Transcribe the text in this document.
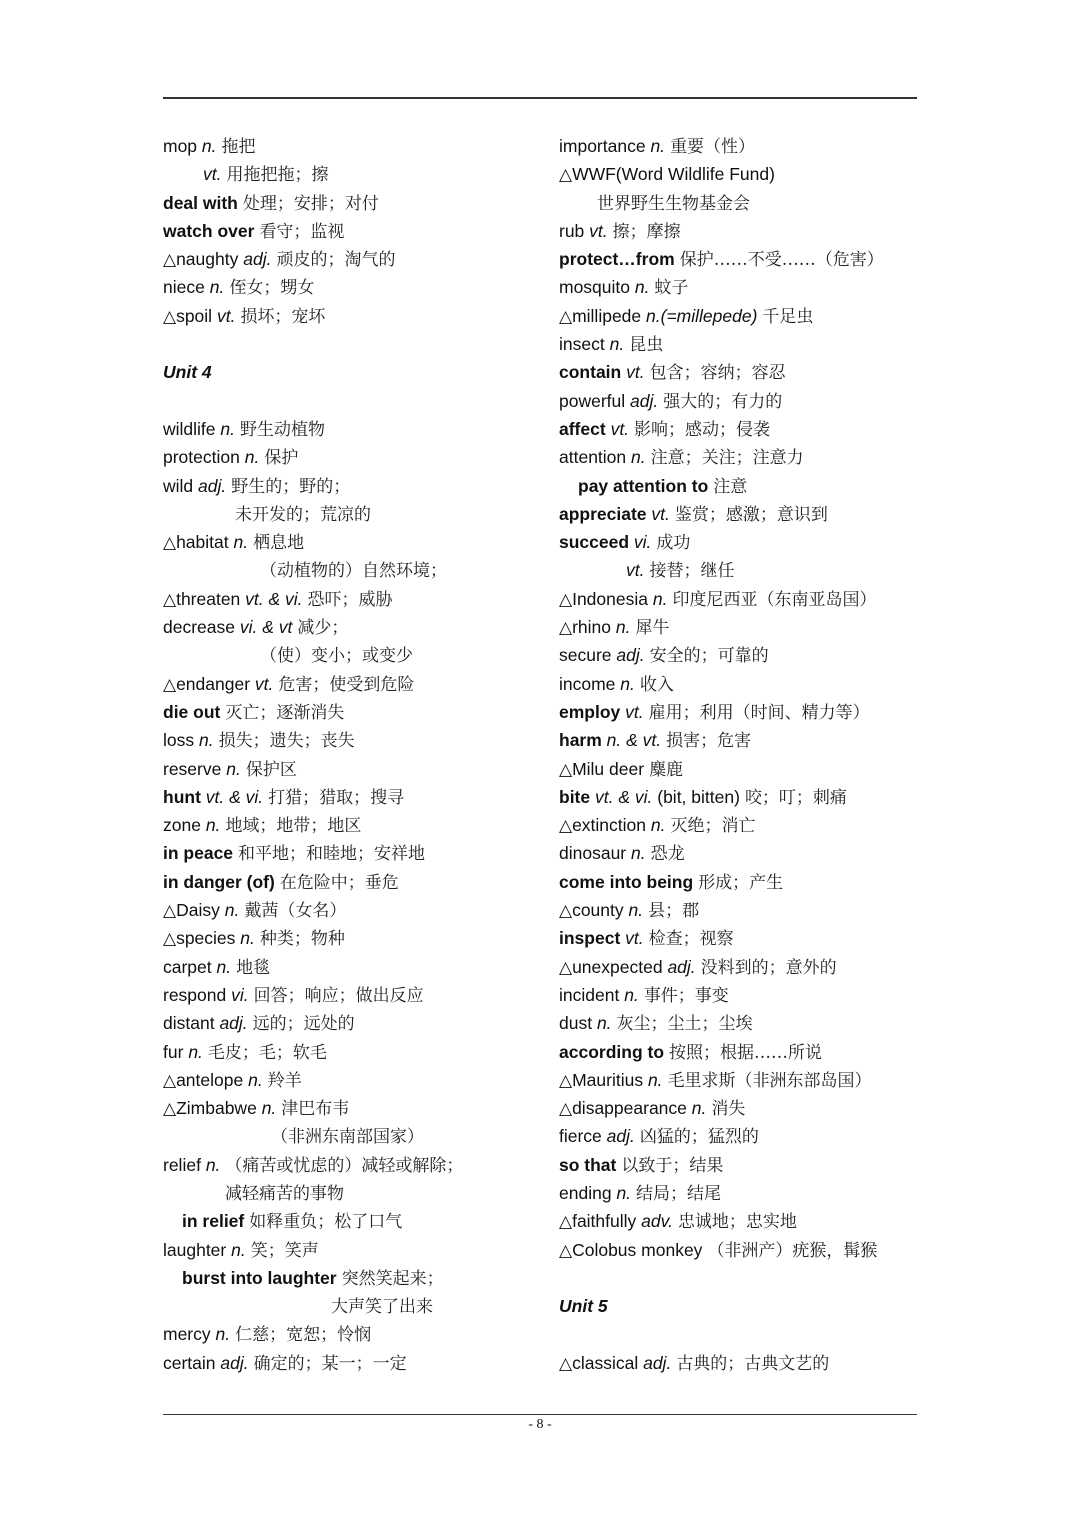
mop n. 拖把
vt. 用拖把拖；擦
deal with 处理；安排；对付
watch over 看守；监视
△naughty adj. 顽皮的；淘气的
niece n. 侄女；甥女
△spoil vt. 损坏；宠坏
Unit 4
wildlife n. 野生动植物
protection n. 保护
wild adj. 野生的；野的；
未开发的；荒凉的
△habitat n. 栖息地
（动植物的）自然环境；
△threaten vt. & vi. 恐吓；威胁
decrease vi. & vt 减少；
（使）变小；或变少
△endanger vt. 危害；使受到危险
die out 灭亡；逐渐消失
loss n. 损失；遗失；丧失
reserve n. 保护区
hunt vt. & vi. 打猎；猎取；搜寻
zone n. 地域；地带；地区
in peace 和平地；和睦地；安祥地
in danger (of) 在危险中；垂危
△Daisy n. 戴茜（女名）
△species n. 种类；物种
carpet n. 地毯
respond vi. 回答；响应；做出反应
distant adj. 远的；远处的
fur n. 毛皮；毛；软毛
△antelope n. 羚羊
△Zimbabwe n. 津巴布韦
（非洲东南部国家）
relief n. （痛苦或忧虑的）减轻或解除；
减轻痛苦的事物
in relief 如释重负；松了口气
laughter n. 笑；笑声
burst into laughter 突然笑起来；
大声笑了出来
mercy n. 仁慈；宽恕；怜悯
certain adj. 确定的；某一；一定
importance n. 重要（性）
△WWF(Word Wildlife Fund)
世界野生生物基金会
rub vt. 擦；摩擦
protect…from 保护……不受……（危害）
mosquito n. 蚊子
△millipede n.(=millepede) 千足虫
insect n. 昆虫
contain vt. 包含；容纳；容忍
powerful adj. 强大的；有力的
affect vt. 影响；感动；侵袭
attention n. 注意；关注；注意力
pay attention to 注意
appreciate vt. 鉴赏；感激；意识到
succeed vi. 成功
vt. 接替；继任
△Indonesia n. 印度尼西亚（东南亚岛国）
△rhino n. 犀牛
secure adj. 安全的；可靠的
income n. 收入
employ vt. 雇用；利用（时间、精力等）
harm n. & vt. 损害；危害
△Milu deer 麋鹿
bite vt. & vi. (bit, bitten) 咬；叮；刺痛
△extinction n. 灭绝；消亡
dinosaur n. 恐龙
come into being 形成；产生
△county n. 县；郡
inspect vt. 检查；视察
△unexpected adj. 没料到的；意外的
incident n. 事件；事变
dust n. 灰尘；尘土；尘埃
according to 按照；根据……所说
△Mauritius n. 毛里求斯（非洲东部岛国）
△disappearance n. 消失
fierce adj. 凶猛的；猛烈的
so that 以致于；结果
ending n. 结局；结尾
△faithfully adv. 忠诚地；忠实地
△Colobus monkey （非洲产）疣猴，髯猴
Unit 5
△classical adj. 古典的；古典文艺的
- 8 -
